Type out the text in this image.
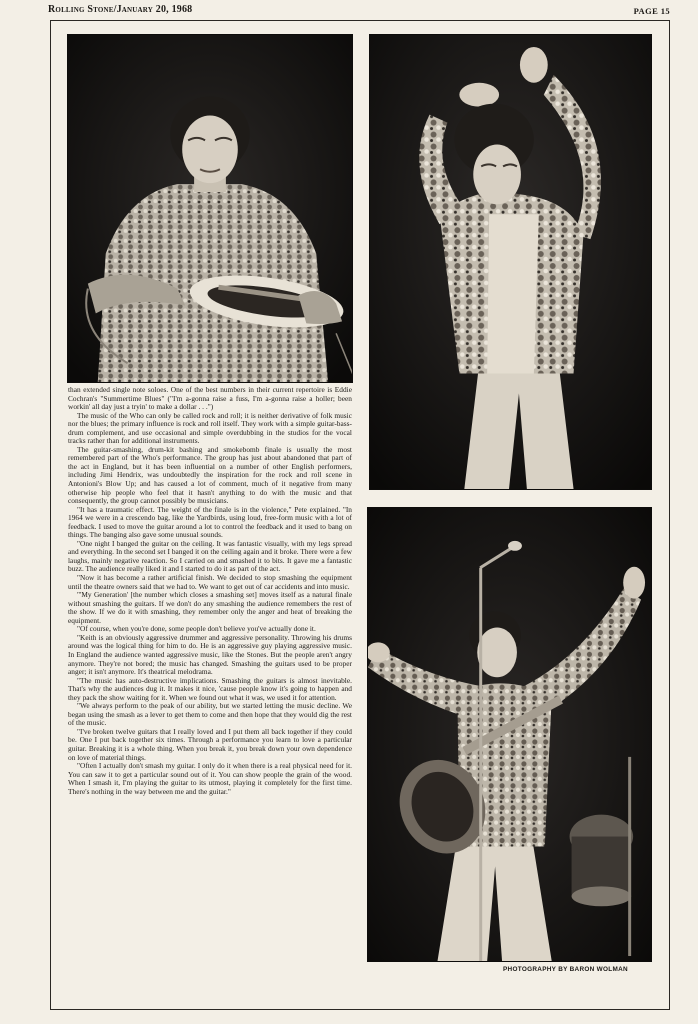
Rolling Stone/January 20, 1968	PAGE 15

than extended single note soloes. One of the best numbers in their current repertoire is Eddie Cochran's "Summertime Blues" ("I'm a-gonna raise a fuss, I'm a-gonna raise a holler; been workin' all day just a tryin' to make a dollar . . .")

The music of the Who can only be called rock and roll; it is neither derivative of folk music nor the blues; the primary influence is rock and roll itself. They work with a simple guitar-bass-drum complement, and use occasional and simple overdubbing in the studios for the vocal tracks rather than for additional instruments.

The guitar-smashing, drum-kit bashing and smokebomb finale is usually the most remembered part of the Who's performance. The group has just about abandoned that part of the act in England, but it has been influential on a number of other English performers, including Jimi Hendrix, was undoubtedly the inspiration for the rock and roll scene in Antonioni's Blow Up; and has caused a lot of comment, much of it negative from many otherwise hip people who feel that it hasn't anything to do with the music and that consequently, the group cannot possibly be musicians.

"It has a traumatic effect. The weight of the finale is in the violence," Pete explained. "In 1964 we were in a crescendo bag, like the Yardbirds, using loud, free-form music with a lot of feedback. I used to move the guitar around a lot to control the feedback and it used to bang on things. The banging also gave some unusual sounds.

"One night I banged the guitar on the ceiling. It was fantastic visually, with my legs spread and everything. In the second set I banged it on the ceiling again and it broke. There were a few laughs, mainly negative reaction. So I carried on and smashed it to bits. It gave me a fantastic buzz. The audience really liked it and I started to do it as part of the act.

"Now it has become a rather artificial finish. We decided to stop smashing the equipment until the theatre owners said that we had to. We want to get out of car accidents and into music.

"'My Generation' [the number which closes a smashing set] moves itself as a natural finale without smashing the guitars. If we don't do any smashing the audience remembers the rest of the show. If we do it with smashing, they remember only the anger and heat of breaking the equipment.

"Of course, when you're done, some people don't believe you've actually done it.

"Keith is an obviously aggressive drummer and aggressive personality. Throwing his drums around was the logical thing for him to do. He is an aggressive guy playing aggressive music. In England the audience wanted aggressive music, like the Stones. But the people aren't angry anymore. They're not bored; the music has changed. Smashing the guitars used to be proper anger; it isn't anymore. It's theatrical melodrama.

"The music has auto-destructive implications. Smashing the guitars is almost inevitable. That's why the audiences dug it. It makes it nice, 'cause people know it's going to happen and they pack the show waiting for it. When we found out what it was, we used it for attention.

"We always perform to the peak of our ability, but we started letting the music decline. We began using the smash as a lever to get them to come and then hope that they would dig the rest of the music.

"I've broken twelve guitars that I really loved and I put them all back together if they could be. One I put back together six times. Through a performance you learn to love a particular guitar. Breaking it is a whole thing. When you break it, you break down your own dependence on love of material things.

"Often I actually don't smash my guitar. I only do it when there is a real physical need for it. You can saw it to get a particular sound out of it. You can show people the grain of the wood. When I smash it, I'm playing the guitar to its utmost, playing it completely for the first time. There's nothing in the way between me and the guitar."

PHOTOGRAPHY BY BARON WOLMAN
